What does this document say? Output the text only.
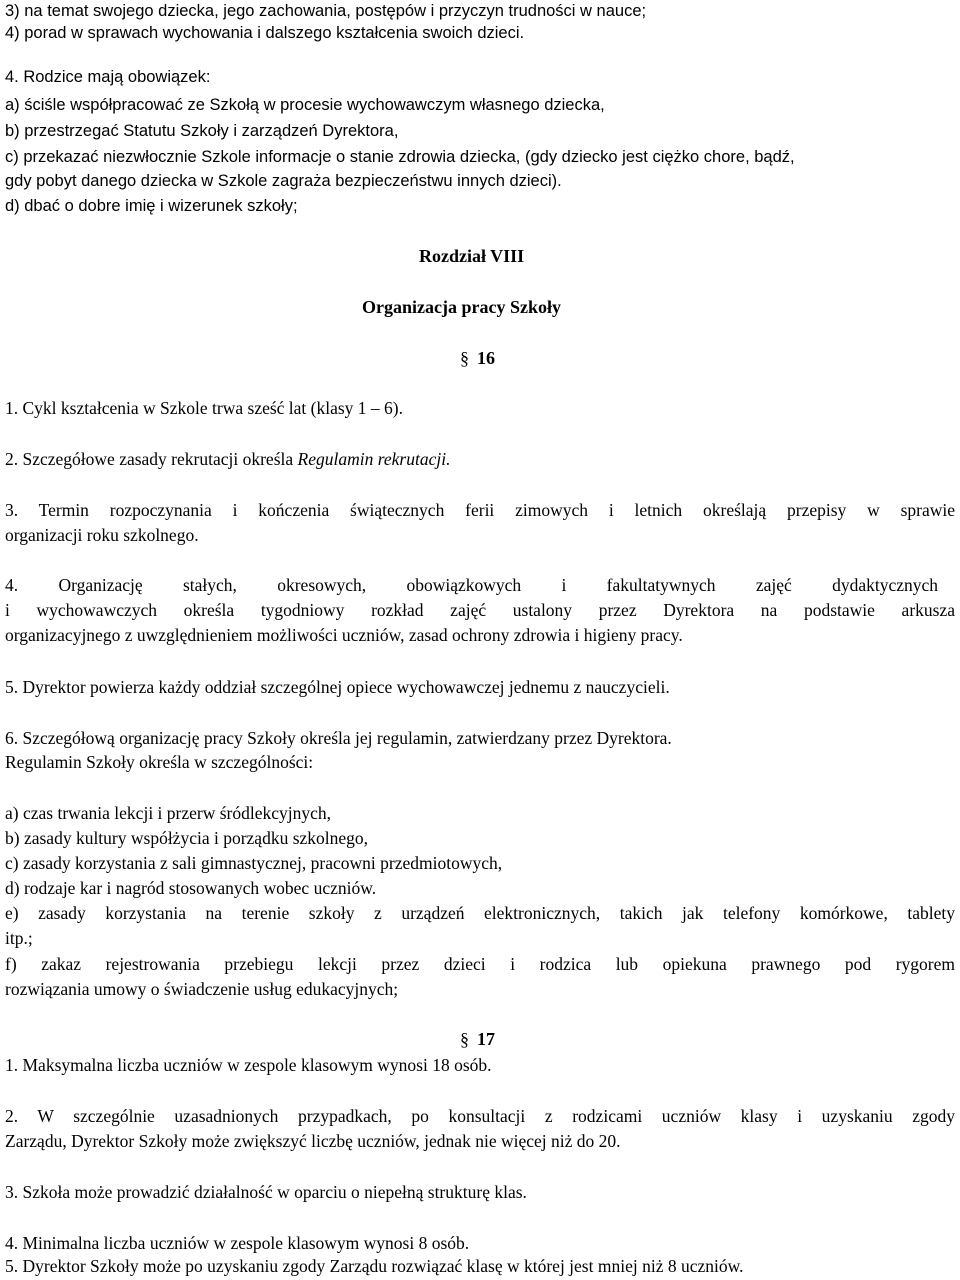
3) na temat swojego dziecka, jego zachowania, postępów i przyczyn trudności w nauce;
4) porad w sprawach wychowania i dalszego kształcenia swoich dzieci.
4. Rodzice mają obowiązek:
a) ściśle współpracować ze Szkołą w procesie wychowawczym własnego dziecka,
b) przestrzegać Statutu Szkoły i zarządzeń Dyrektora,
c) przekazać niezwłocznie Szkole informacje o stanie zdrowia dziecka, (gdy dziecko jest ciężko chore, bądź,
gdy pobyt danego dziecka w Szkole zagraża bezpieczeństwu innych dzieci).
d) dbać o dobre imię i wizerunek szkoły;
Rozdział VIII
Organizacja pracy Szkoły
§ 16
1. Cykl kształcenia w Szkole trwa sześć lat (klasy 1 – 6).
2. Szczegółowe zasady rekrutacji określa Regulamin rekrutacji.
3. Termin rozpoczynania i kończenia świątecznych ferii zimowych i letnich określają przepisy w sprawie
organizacji roku szkolnego.
4. Organizację stałych, okresowych, obowiązkowych i fakultatywnych zajęć dydaktycznych
i wychowawczych określa tygodniowy rozkład zajęć ustalony przez Dyrektora na podstawie arkusza
organizacyjnego z uwzględnieniem możliwości uczniów, zasad ochrony zdrowia i higieny pracy.
5. Dyrektor powierza każdy oddział szczególnej opiece wychowawczej jednemu z nauczycieli.
6. Szczegółową organizację pracy Szkoły określa jej regulamin, zatwierdzany przez Dyrektora.
Regulamin Szkoły określa w szczególności:
a) czas trwania lekcji i przerw śródlekcyjnych,
b) zasady kultury współżycia i porządku szkolnego,
c) zasady korzystania z sali gimnastycznej, pracowni przedmiotowych,
d) rodzaje kar i nagród stosowanych wobec uczniów.
e) zasady korzystania na terenie szkoły z urządzeń elektronicznych, takich jak telefony komórkowe, tablety
itp.;
f) zakaz rejestrowania przebiegu lekcji przez dzieci i rodzica lub opiekuna prawnego pod rygorem
rozwiązania umowy o świadczenie usług edukacyjnych;
§ 17
1. Maksymalna liczba uczniów w zespole klasowym wynosi 18 osób.
2. W szczególnie uzasadnionych przypadkach, po konsultacji z rodzicami uczniów klasy i uzyskaniu zgody
Zarządu, Dyrektor Szkoły może zwiększyć liczbę uczniów, jednak nie więcej niż do 20.
3. Szkoła może prowadzić działalność w oparciu o niepełną strukturę klas.
4. Minimalna liczba uczniów w zespole klasowym wynosi 8 osób.
5. Dyrektor Szkoły może po uzyskaniu zgody Zarządu rozwiązać klasę w której jest mniej niż 8 uczniów.
